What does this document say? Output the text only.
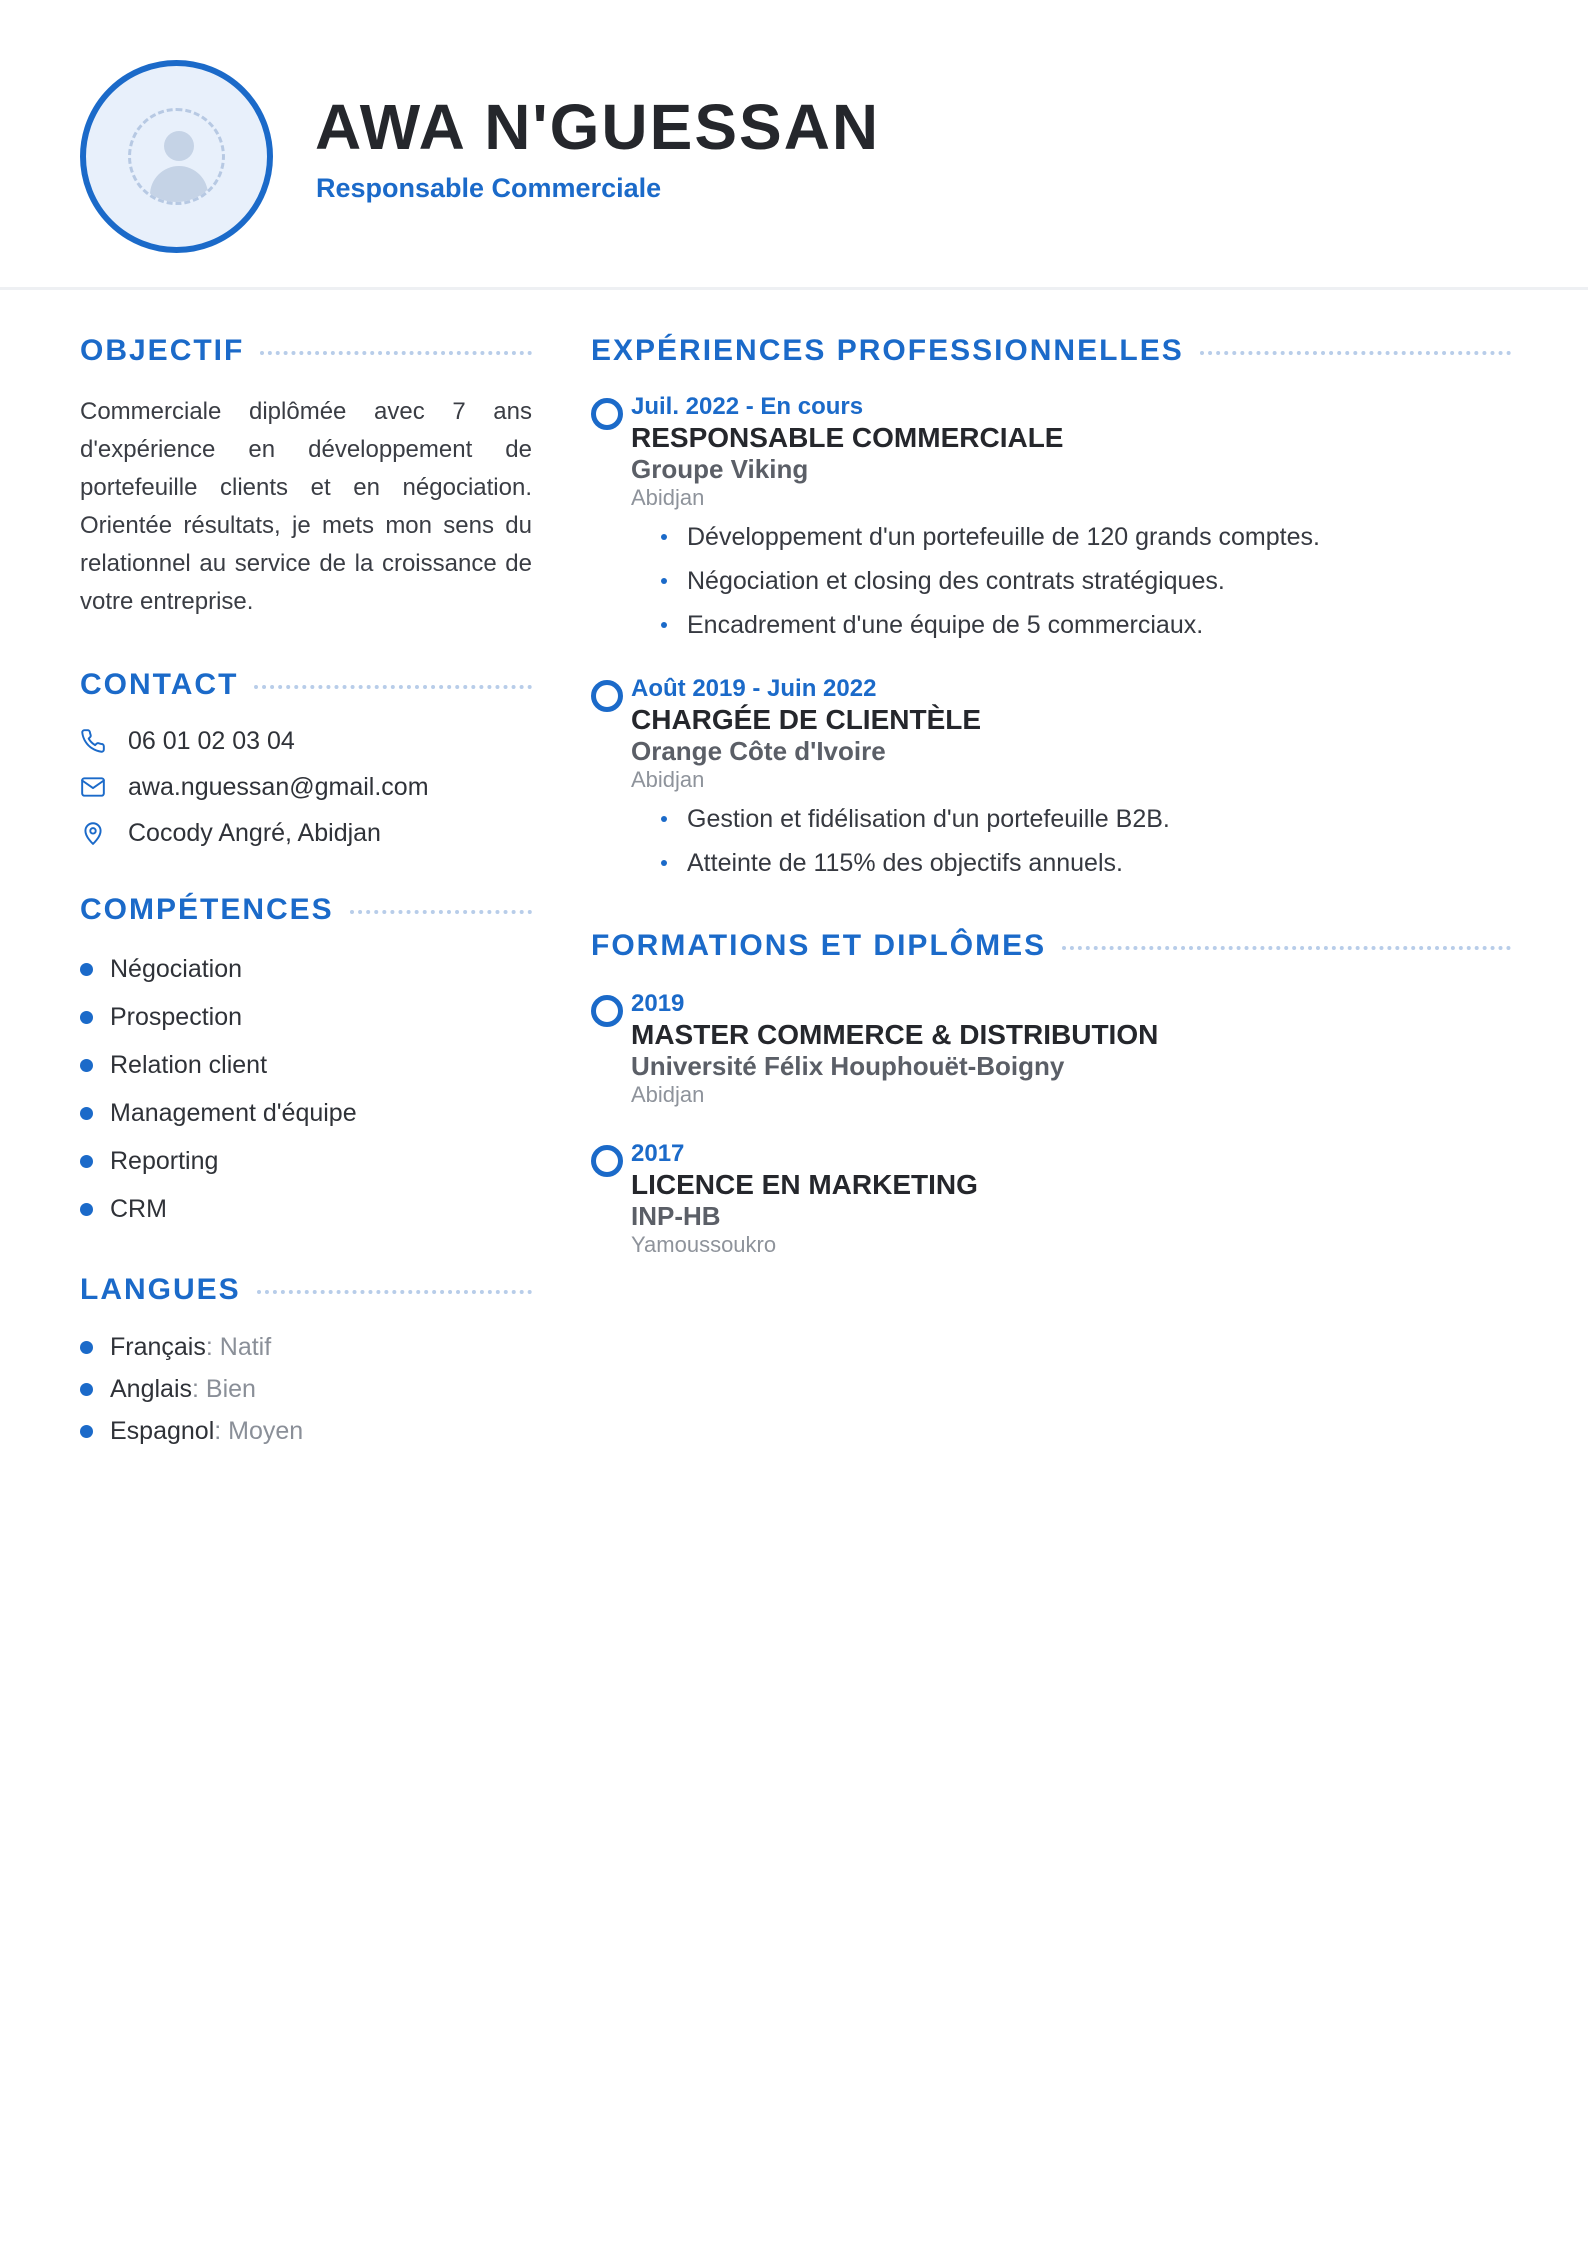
AWA N'GUESSAN
Responsable Commerciale
OBJECTIF
Commerciale diplômée avec 7 ans d'expérience en développement de portefeuille clients et en négociation. Orientée résultats, je mets mon sens du relationnel au service de la croissance de votre entreprise.
CONTACT
06 01 02 03 04
awa.nguessan@gmail.com
Cocody Angré, Abidjan
COMPÉTENCES
Négociation
Prospection
Relation client
Management d'équipe
Reporting
CRM
LANGUES
Français : Natif
Anglais : Bien
Espagnol : Moyen
EXPÉRIENCES PROFESSIONNELLES
Juil. 2022 - En cours
RESPONSABLE COMMERCIALE
Groupe Viking
Abidjan
Développement d'un portefeuille de 120 grands comptes.
Négociation et closing des contrats stratégiques.
Encadrement d'une équipe de 5 commerciaux.
Août 2019 - Juin 2022
CHARGÉE DE CLIENTÈLE
Orange Côte d'Ivoire
Abidjan
Gestion et fidélisation d'un portefeuille B2B.
Atteinte de 115% des objectifs annuels.
FORMATIONS ET DIPLÔMES
2019
MASTER COMMERCE & DISTRIBUTION
Université Félix Houphouët-Boigny
Abidjan
2017
LICENCE EN MARKETING
INP-HB
Yamoussoukro
